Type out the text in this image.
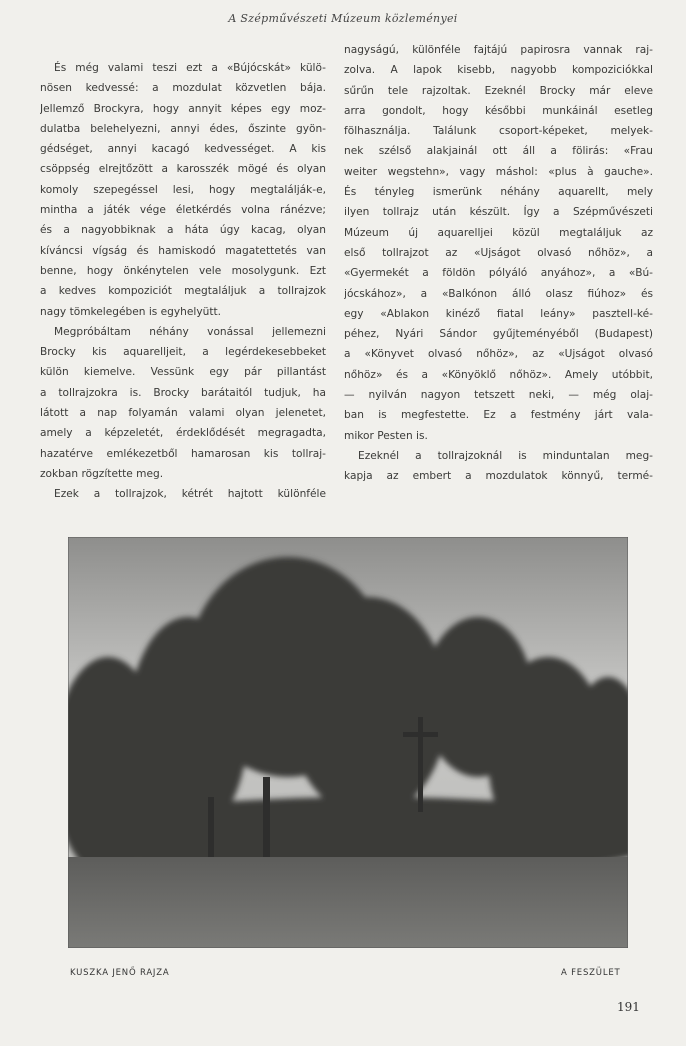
A Szépművészeti Múzeum közleményei
És még valami teszi ezt a «Bújócskát» külö-
nösen kedvessé: a mozdulat közvetlen bája.
Jellemző Brockyra, hogy annyit képes egy moz-
dulatba belehelyezni, annyi édes, őszinte gyön-
gédséget, annyi kacagó kedvességet. A kis
csöppség elrejtőzött a karosszék mögé és olyan
komoly szepegéssel lesi, hogy megtalálják-e,
mintha a játék vége életkérdés volna ránézve;
és a nagyobbiknak a háta úgy kacag, olyan
kíváncsi vígság és hamiskodó magatettetés van
benne, hogy önkénytelen vele mosolygunk. Ezt
a kedves kompoziciót megtaláljuk a tollrajzok
nagy tömkelegében is egyhelyütt.
Megpróbáltam néhány vonással jellemezni
Brocky kis aquarelljeit, a legérdekesebbeket
külön kiemelve. Vessünk egy pár pillantást
a tollrajzokra is. Brocky barátaitól tudjuk, ha
látott a nap folyamán valami olyan jelenetet,
amely a képzeletét, érdeklődését megragadta,
hazatérve emlékezetből hamarosan kis tollraj-
zokban rögzítette meg.
Ezek a tollrajzok, kétrét hajtott különféle
nagyságú, különféle fajtájú papirosra vannak raj-
zolva. A lapok kisebb, nagyobb kompoziciókkal
sűrűn tele rajzoltak. Ezeknél Brocky már eleve
arra gondolt, hogy későbbi munkáinál esetleg
fölhasználja. Találunk csoport-képeket, melyek-
nek szélső alakjainál ott áll a fölirás: «Frau
weiter wegstehn», vagy máshol: «plus à gauche».
És tényleg ismerünk néhány aquarellt, mely
ilyen tollrajz után készült. Így a Szépművészeti
Múzeum új aquarelljei közül megtaláljuk az
első tollrajzot az «Ujságot olvasó nőhöz», a
«Gyermekét a földön pólyáló anyához», a «Bú-
jócskához», a «Balkónon álló olasz fiúhoz» és
egy «Ablakon kinéző fiatal leány» pasztell-ké-
péhez, Nyári Sándor gyűjteményéből (Budapest)
a «Könyvet olvasó nőhöz», az «Ujságot olvasó
nőhöz» és a «Könyöklő nőhöz». Amely utóbbit,
— nyilván nagyon tetszett neki, — még olaj-
ban is megfestette. Ez a festmény járt vala-
mikor Pesten is.
Ezeknél a tollrajzoknál is minduntalan meg-
kapja az embert a mozdulatok könnyű, termé-
KUSZKA JENŐ RAJZA	A FESZÜLET
191
